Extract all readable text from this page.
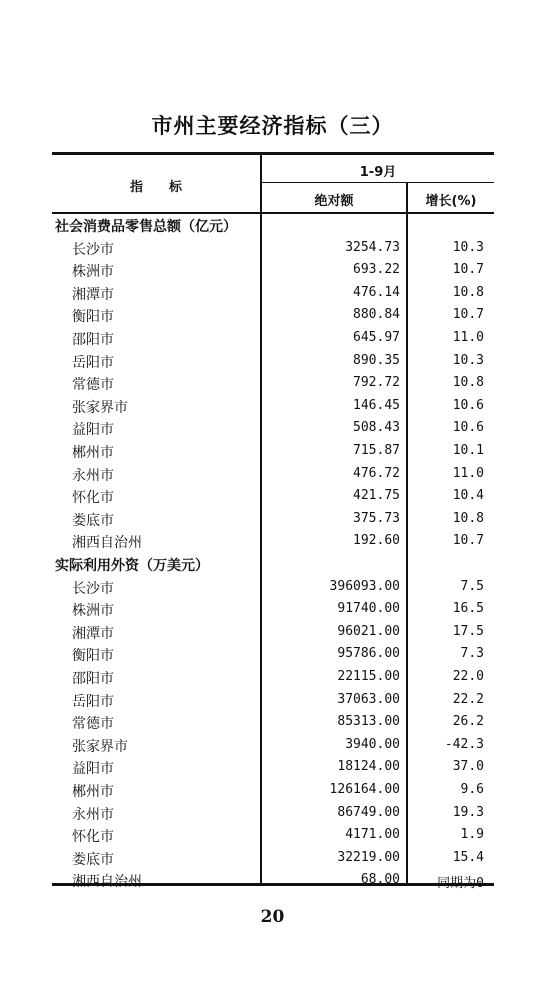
市州主要经济指标（三）
指　　标
1-9月
绝对额	增长(%)
社会消费品零售总额（亿元）
长沙市	3254.73	10.3
株洲市	693.22	10.7
湘潭市	476.14	10.8
衡阳市	880.84	10.7
邵阳市	645.97	11.0
岳阳市	890.35	10.3
常德市	792.72	10.8
张家界市	146.45	10.6
益阳市	508.43	10.6
郴州市	715.87	10.1
永州市	476.72	11.0
怀化市	421.75	10.4
娄底市	375.73	10.8
湘西自治州	192.60	10.7
实际利用外资（万美元）
长沙市	396093.00	7.5
株洲市	91740.00	16.5
湘潭市	96021.00	17.5
衡阳市	95786.00	7.3
邵阳市	22115.00	22.0
岳阳市	37063.00	22.2
常德市	85313.00	26.2
张家界市	3940.00	-42.3
益阳市	18124.00	37.0
郴州市	126164.00	9.6
永州市	86749.00	19.3
怀化市	4171.00	1.9
娄底市	32219.00	15.4
湘西自治州	68.00	同期为0
20
